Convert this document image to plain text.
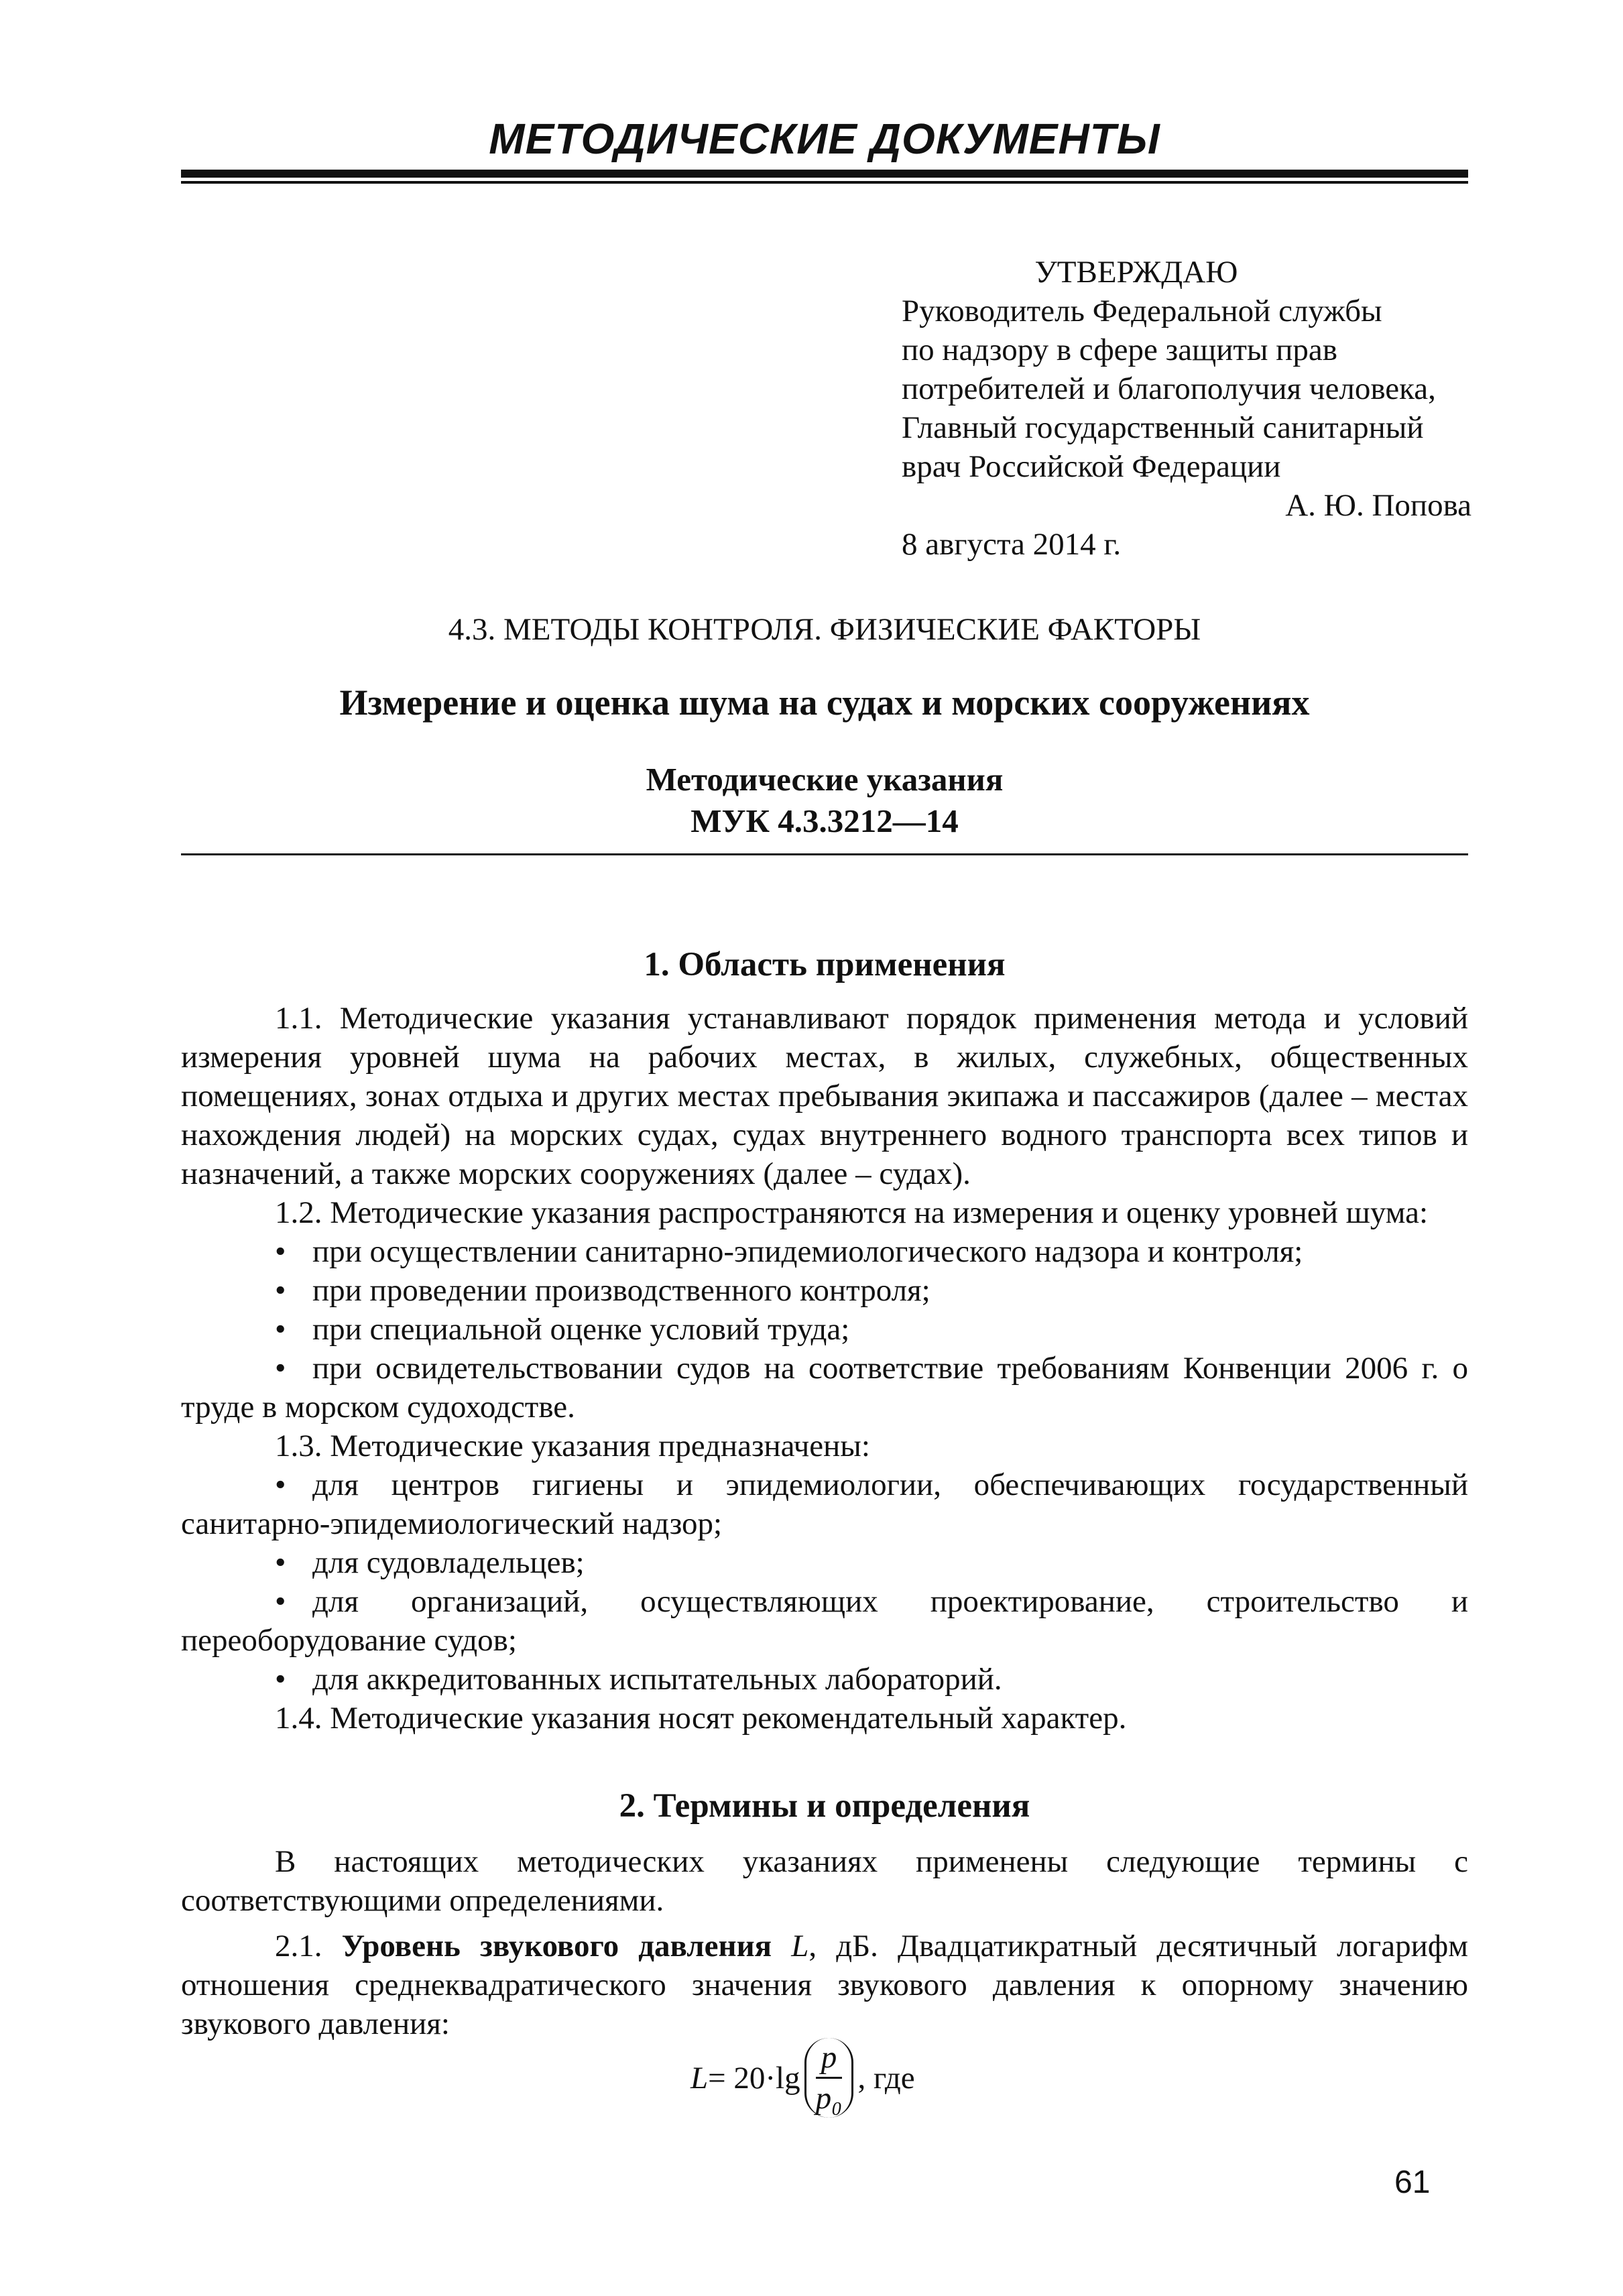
МЕТОДИЧЕСКИЕ ДОКУМЕНТЫ
УТВЕРЖДАЮ
Руководитель Федеральной службы
по надзору в сфере защиты прав
потребителей и благополучия человека,
Главный государственный санитарный
врач Российской Федерации
А. Ю. Попова
8 августа 2014 г.
4.3. МЕТОДЫ КОНТРОЛЯ. ФИЗИЧЕСКИЕ ФАКТОРЫ
Измерение и оценка шума на судах и морских сооружениях
Методические указания
МУК 4.3.3212—14
1. Область применения

1.1. Методические указания устанавливают порядок применения метода и условий измерения уровней шума на рабочих местах, в жилых, служебных, общественных помещениях, зонах отдыха и других местах пребывания экипажа и пассажиров (далее – местах нахождения людей) на морских судах, судах внутреннего водного транспорта всех типов и назначений, а также морских сооружениях (далее – судах).

1.2. Методические указания распространяются на измерения и оценку уровней шума:

• при осуществлении санитарно-эпидемиологического надзора и контроля;

• при проведении производственного контроля;

• при специальной оценке условий труда;

• при освидетельствовании судов на соответствие требованиям Конвенции 2006 г. о труде в морском судоходстве.

1.3. Методические указания предназначены:

• для центров гигиены и эпидемиологии, обеспечивающих государственный санитарно-эпидемиологический надзор;

• для судовладельцев;

• для организаций, осуществляющих проектирование, строительство и переоборудование судов;

• для аккредитованных испытательных лабораторий.

1.4. Методические указания носят рекомендательный характер.

2. Термины и определения

В настоящих методических указаниях применены следующие термины с соответствующими определениями.

2.1. Уровень звукового давления L, дБ. Двадцатикратный десятичный логарифм отношения среднеквадратического значения звукового давления к опорному значению звукового давления:

$L = 20\cdot\lg \frac{p}{\text{p₀}}$ , где
61
